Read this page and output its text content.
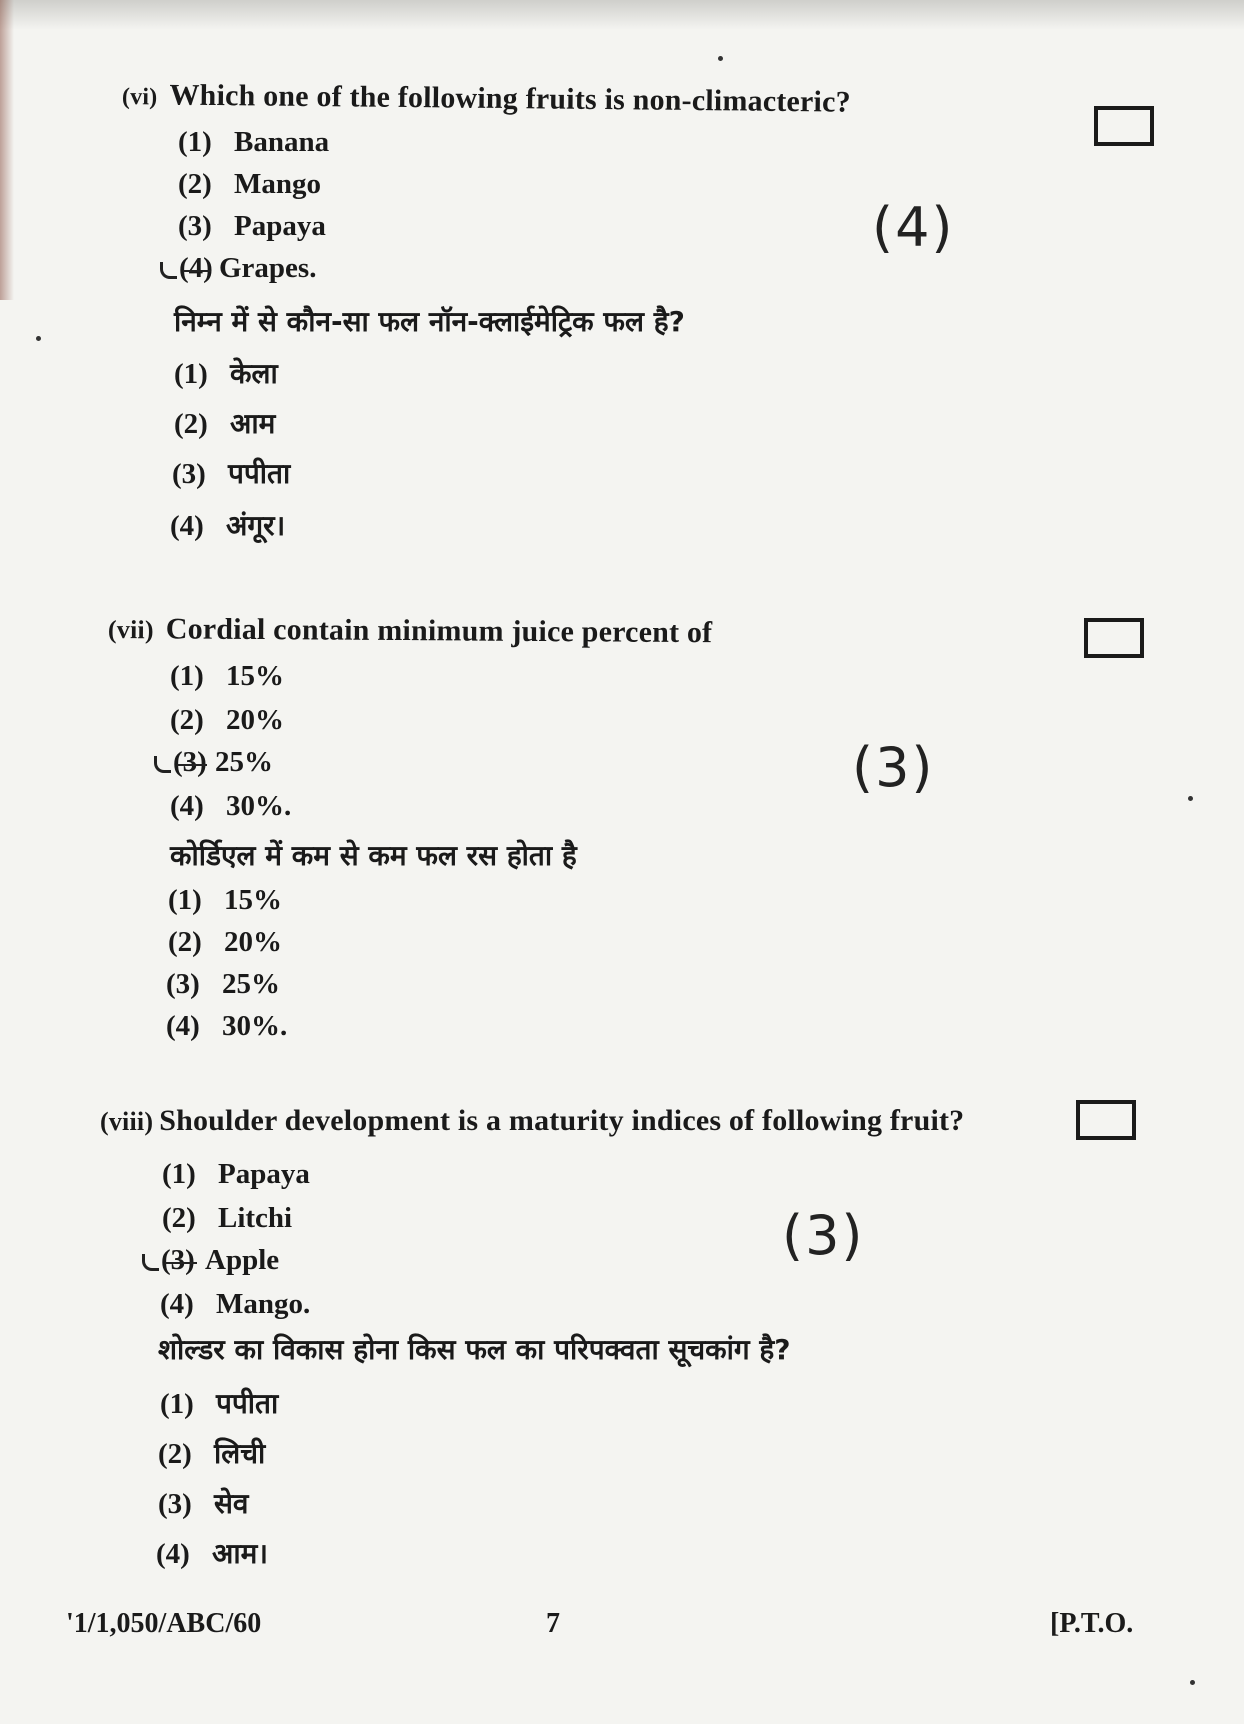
(vi) Which one of the following fruits is non-climacteric?
(1) Banana
(2) Mango
(3) Papaya
(4) Grapes.
निम्न में से कौन-सा फल नॉन-क्लाईमेट्रिक फल है?
(1) केला
(2) आम
(3) पपीता
(4) अंगूर।
(4)
(vii) Cordial contain minimum juice percent of
(1) 15%
(2) 20%
(3) 25%
(4) 30%.
कोर्डिएल में कम से कम फल रस होता है
(1) 15%
(2) 20%
(3) 25%
(4) 30%.
(3)
(viii) Shoulder development is a maturity indices of following fruit?
(1) Papaya
(2) Litchi
(3) Apple
(4) Mango.
शोल्डर का विकास होना किस फल का परिपक्वता सूचकांग है?
(1) पपीता
(2) लिची
(3) सेव
(4) आम।
(3)
'1/1,050/ABC/60	7	[P.T.O.
